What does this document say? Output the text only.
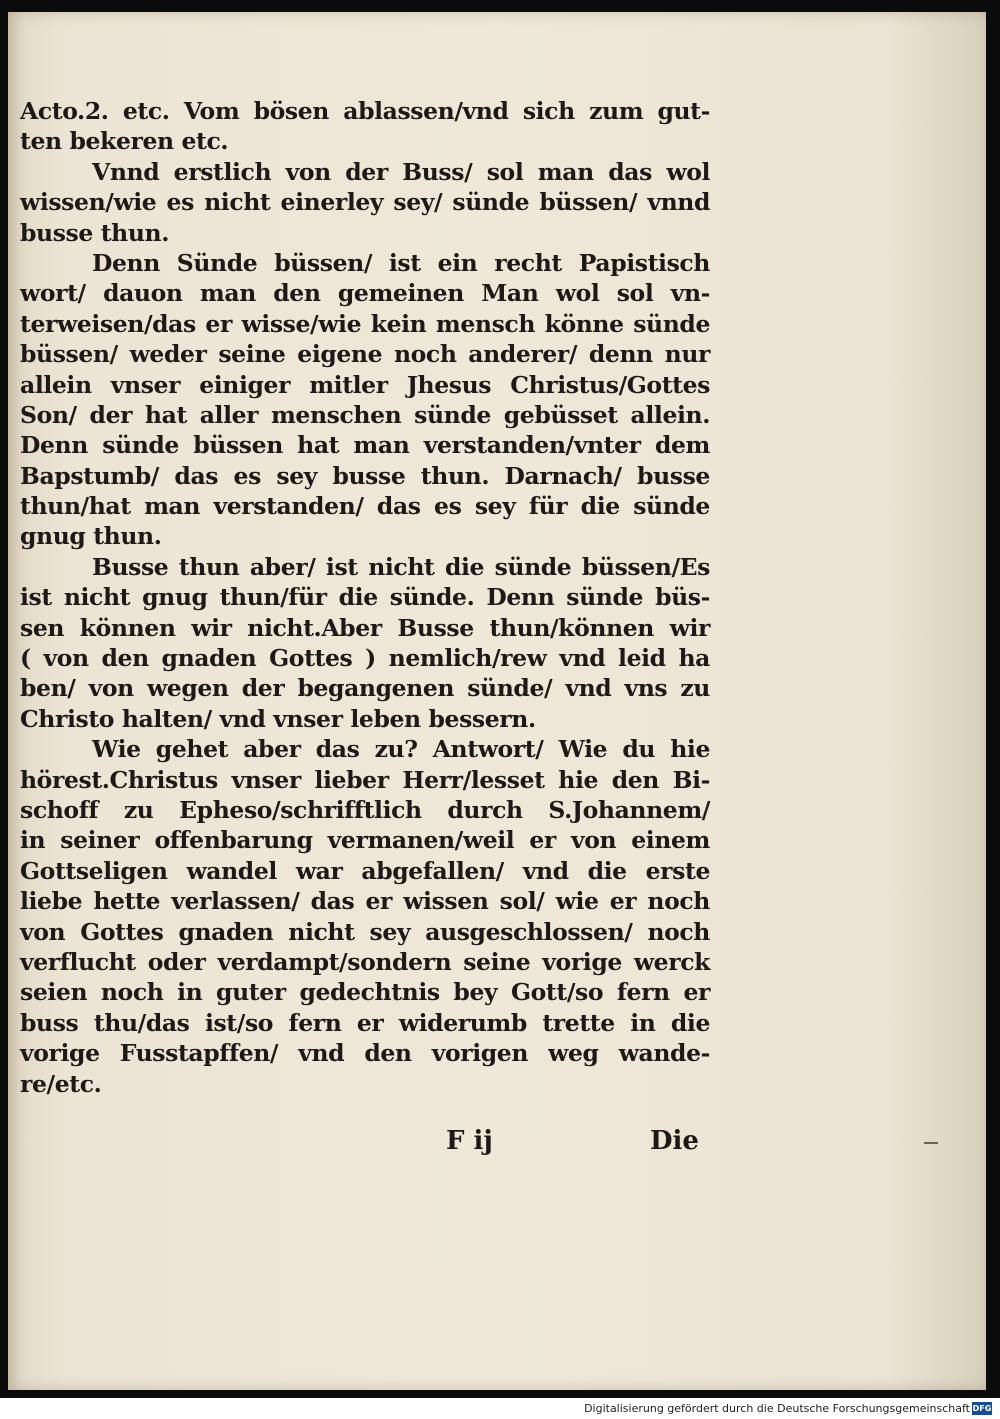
Acto.2. etc. Vom bösen ablassen/vnd sich zum gut-
ten bekeren etc.
Vnnd erstlich von der Buss/ sol man das wol
wissen/wie es nicht einerley sey/ sünde büssen/ vnnd
busse thun.
Denn Sünde büssen/ ist ein recht Papistisch
wort/ dauon man den gemeinen Man wol sol vn-
terweisen/das er wisse/wie kein mensch könne sünde
büssen/ weder seine eigene noch anderer/ denn nur
allein vnser einiger mitler Jhesus Christus/Gottes
Son/ der hat aller menschen sünde gebüsset allein.
Denn sünde büssen hat man verstanden/vnter dem
Bapstumb/ das es sey busse thun. Darnach/ busse
thun/hat man verstanden/ das es sey für die sünde
gnug thun.
Busse thun aber/ ist nicht die sünde büssen/Es
ist nicht gnug thun/für die sünde. Denn sünde büs-
sen können wir nicht.Aber Busse thun/können wir
( von den gnaden Gottes ) nemlich/rew vnd leid ha
ben/ von wegen der begangenen sünde/ vnd vns zu
Christo halten/ vnd vnser leben bessern.
Wie gehet aber das zu? Antwort/ Wie du hie
hörest.Christus vnser lieber Herr/lesset hie den Bi-
schoff zu Epheso/schrifftlich durch S.Johannem/
in seiner offenbarung vermanen/weil er von einem
Gottseligen wandel war abgefallen/ vnd die erste
liebe hette verlassen/ das er wissen sol/ wie er noch
von Gottes gnaden nicht sey ausgeschlossen/ noch
verflucht oder verdampt/sondern seine vorige werck
seien noch in guter gedechtnis bey Gott/so fern er
buss thu/das ist/so fern er widerumb trette in die
vorige Fusstapffen/ vnd den vorigen weg wande-
re/etc.
F ij	Die
Digitalisierung gefördert durch die Deutsche Forschungsgemeinschaft DFG
